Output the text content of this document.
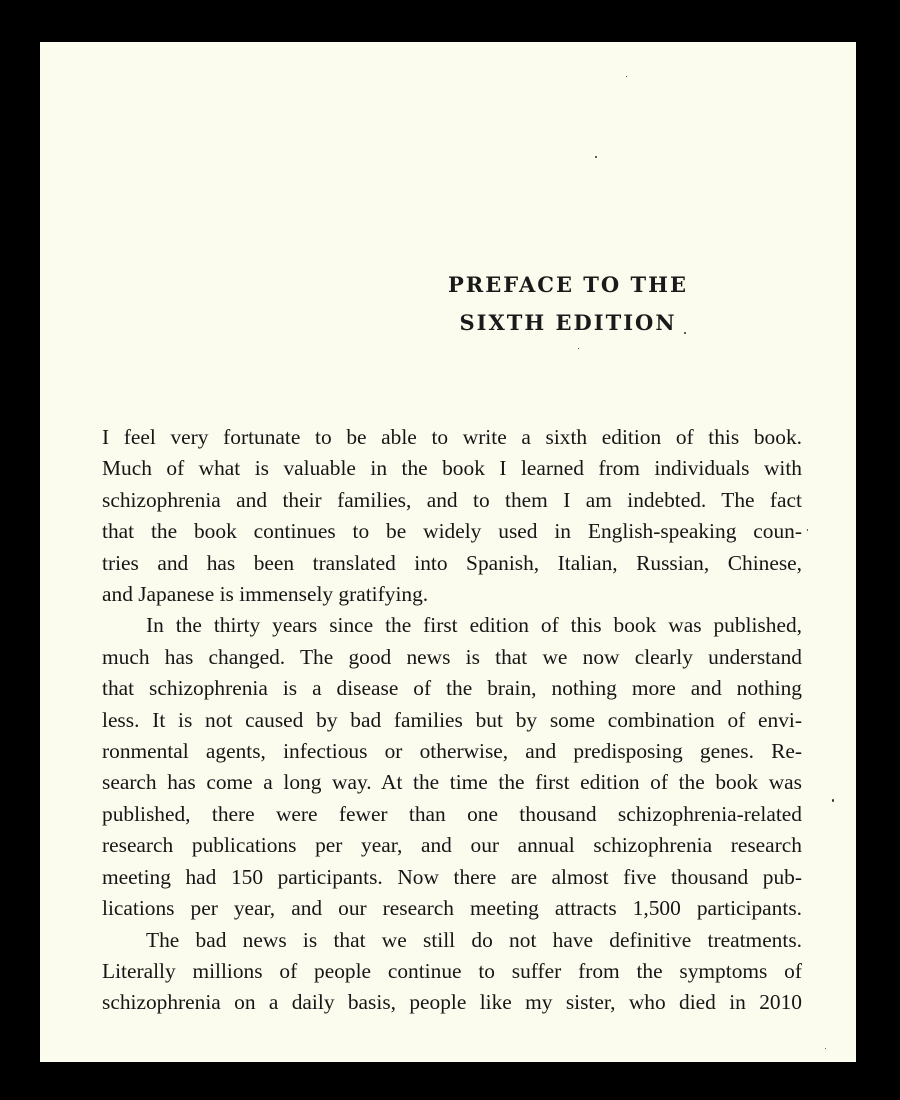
PREFACE TO THE
SIXTH EDITION
I feel very fortunate to be able to write a sixth edition of this book.
Much of what is valuable in the book I learned from individuals with
schizophrenia and their families, and to them I am indebted. The fact
that the book continues to be widely used in English-speaking coun-
tries and has been translated into Spanish, Italian, Russian, Chinese,
and Japanese is immensely gratifying.
In the thirty years since the first edition of this book was published,
much has changed. The good news is that we now clearly understand
that schizophrenia is a disease of the brain, nothing more and nothing
less. It is not caused by bad families but by some combination of envi-
ronmental agents, infectious or otherwise, and predisposing genes. Re-
search has come a long way. At the time the first edition of the book was
published, there were fewer than one thousand schizophrenia-related
research publications per year, and our annual schizophrenia research
meeting had 150 participants. Now there are almost five thousand pub-
lications per year, and our research meeting attracts 1,500 participants.
The bad news is that we still do not have definitive treatments.
Literally millions of people continue to suffer from the symptoms of
schizophrenia on a daily basis, people like my sister, who died in 2010
